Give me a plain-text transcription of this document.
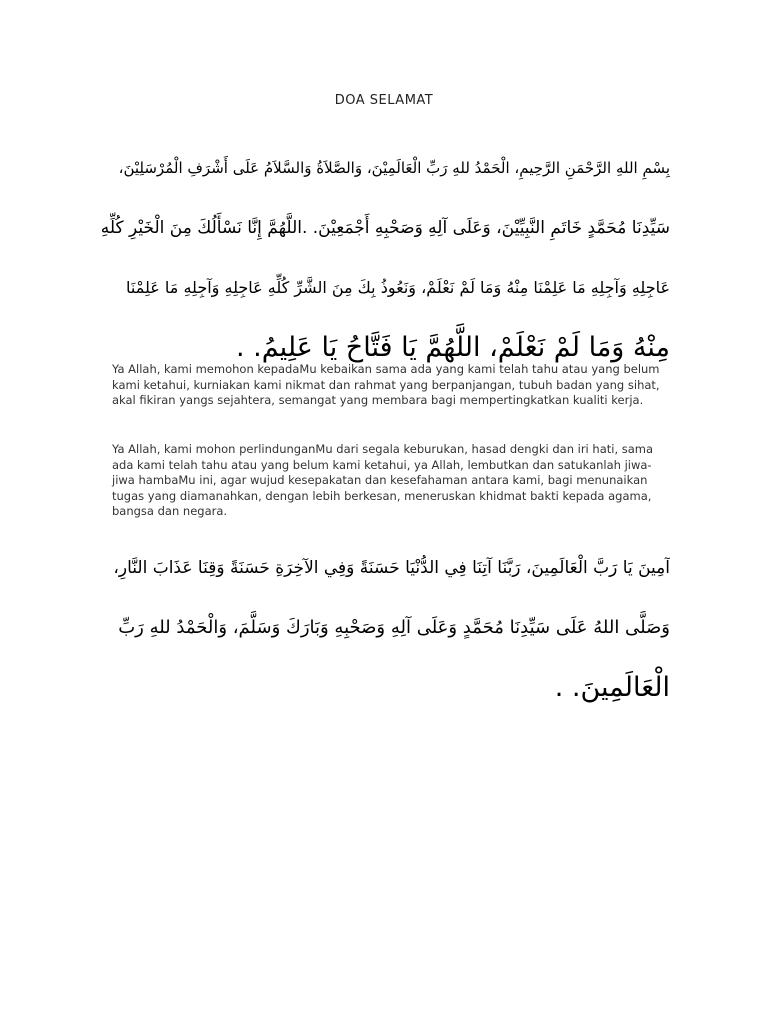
DOA SELAMAT
بِسْمِ اللهِ الرَّحْمَنِ الرَّحِيمِ، الْحَمْدُ للهِ رَبِّ الْعَالَمِيْنَ، وَالصَّلاَةُ وَالسَّلاَمُ عَلَى أَشْرَفِ الْمُرْسَلِيْنَ،
سَيِّدِنَا مُحَمَّدٍ خَاتَمِ النَّبِيِّيْنَ، وَعَلَى آلِهِ وَصَحْبِهِ أَجْمَعِيْنَ. .اللَّهُمَّ إِنَّا نَسْأَلُكَ مِنَ الْخَيْرِ كُلِّهِ
عَاجِلِهِ وَآجِلِهِ مَا عَلِمْنَا مِنْهُ وَمَا لَمْ نَعْلَمْ، وَنَعُوذُ بِكَ مِنَ الشَّرِّ كُلِّهِ عَاجِلِهِ وَآجِلِهِ مَا عَلِمْنَا
مِنْهُ وَمَا لَمْ نَعْلَمْ، اللَّهُمَّ يَا فَتَّاحُ يَا عَلِيمُ. .

Ya Allah, kami memohon kepadaMu kebaikan sama ada yang kami telah tahu atau yang belum kami ketahui, kurniakan kami nikmat dan rahmat yang berpanjangan, tubuh badan yang sihat, akal fikiran yangs sejahtera, semangat yang membara bagi mempertingkatkan kualiti kerja.

Ya Allah, kami mohon perlindunganMu dari segala keburukan, hasad dengki dan iri hati, sama ada kami telah tahu atau yang belum kami ketahui, ya Allah, lembutkan dan satukanlah jiwa-jiwa hambaMu ini, agar wujud kesepakatan dan kesefahaman antara kami, bagi menunaikan tugas yang diamanahkan, dengan lebih berkesan, meneruskan khidmat bakti kepada agama, bangsa dan negara.

آمِينَ يَا رَبَّ الْعَالَمِينَ، رَبَّنَا آتِنَا فِي الدُّنْيَا حَسَنَةً وَفِي الآخِرَةِ حَسَنَةً وَقِنَا عَذَابَ النَّارِ،
وَصَلَّى اللهُ عَلَى سَيِّدِنَا مُحَمَّدٍ وَعَلَى آلِهِ وَصَحْبِهِ وَبَارَكَ وَسَلَّمَ، وَالْحَمْدُ للهِ رَبِّ
الْعَالَمِينَ. .
